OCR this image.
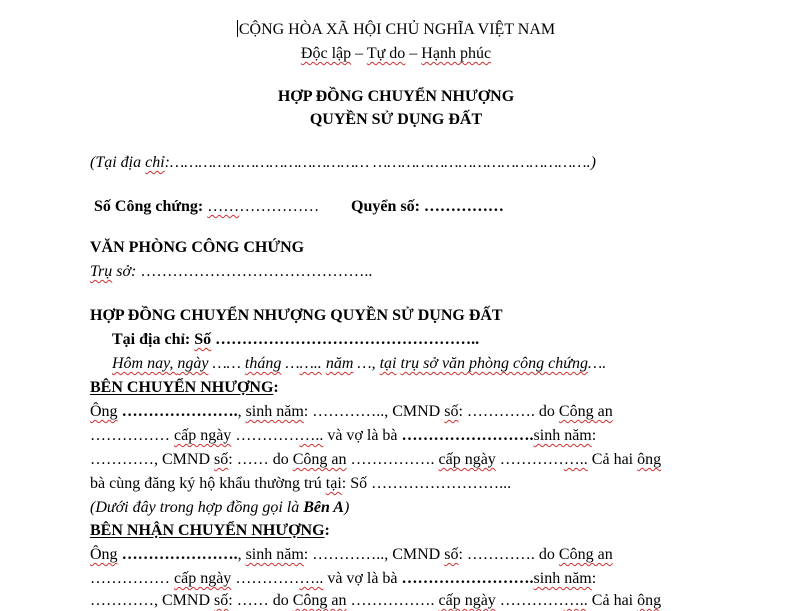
CỘNG HÒA XÃ HỘI CHỦ NGHĨA VIỆT NAM
Độc lập – Tự do – Hạnh phúc
HỢP ĐỒNG CHUYỂN NHƯỢNG
QUYỀN SỬ DỤNG ĐẤT
(Tại địa chỉ:…………………………………… ……………………………………….)
Số Công chứng: ………………… Quyển số: ……………
VĂN PHÒNG CÔNG CHỨNG
Trụ sở: ……………………………………..
HỢP ĐỒNG CHUYỂN NHƯỢNG QUYỀN SỬ DỤNG ĐẤT
Tại địa chỉ: Số …………………………………………..
Hôm nay, ngày …… tháng …….. năm …, tại trụ sở văn phòng công chứng….
BÊN CHUYỂN NHƯỢNG:
Ông …………………., sinh năm: ………….., CMND số: …………. do Công an
…………… cấp ngày …………….. và vợ là bà …………………….sinh năm:
…………, CMND số: …… do Công an ……………. cấp ngày …………….. Cả hai ông
bà cùng đăng ký hộ khẩu thường trú tại: Số ……………………...
(Dưới đây trong hợp đồng gọi là Bên A)
BÊN NHẬN CHUYỂN NHƯỢNG:
Ông …………………., sinh năm: ………….., CMND số: …………. do Công an
…………… cấp ngày …………….. và vợ là bà …………………….sinh năm:
…………, CMND số: …… do Công an ……………. cấp ngày …………….. Cả hai ông
